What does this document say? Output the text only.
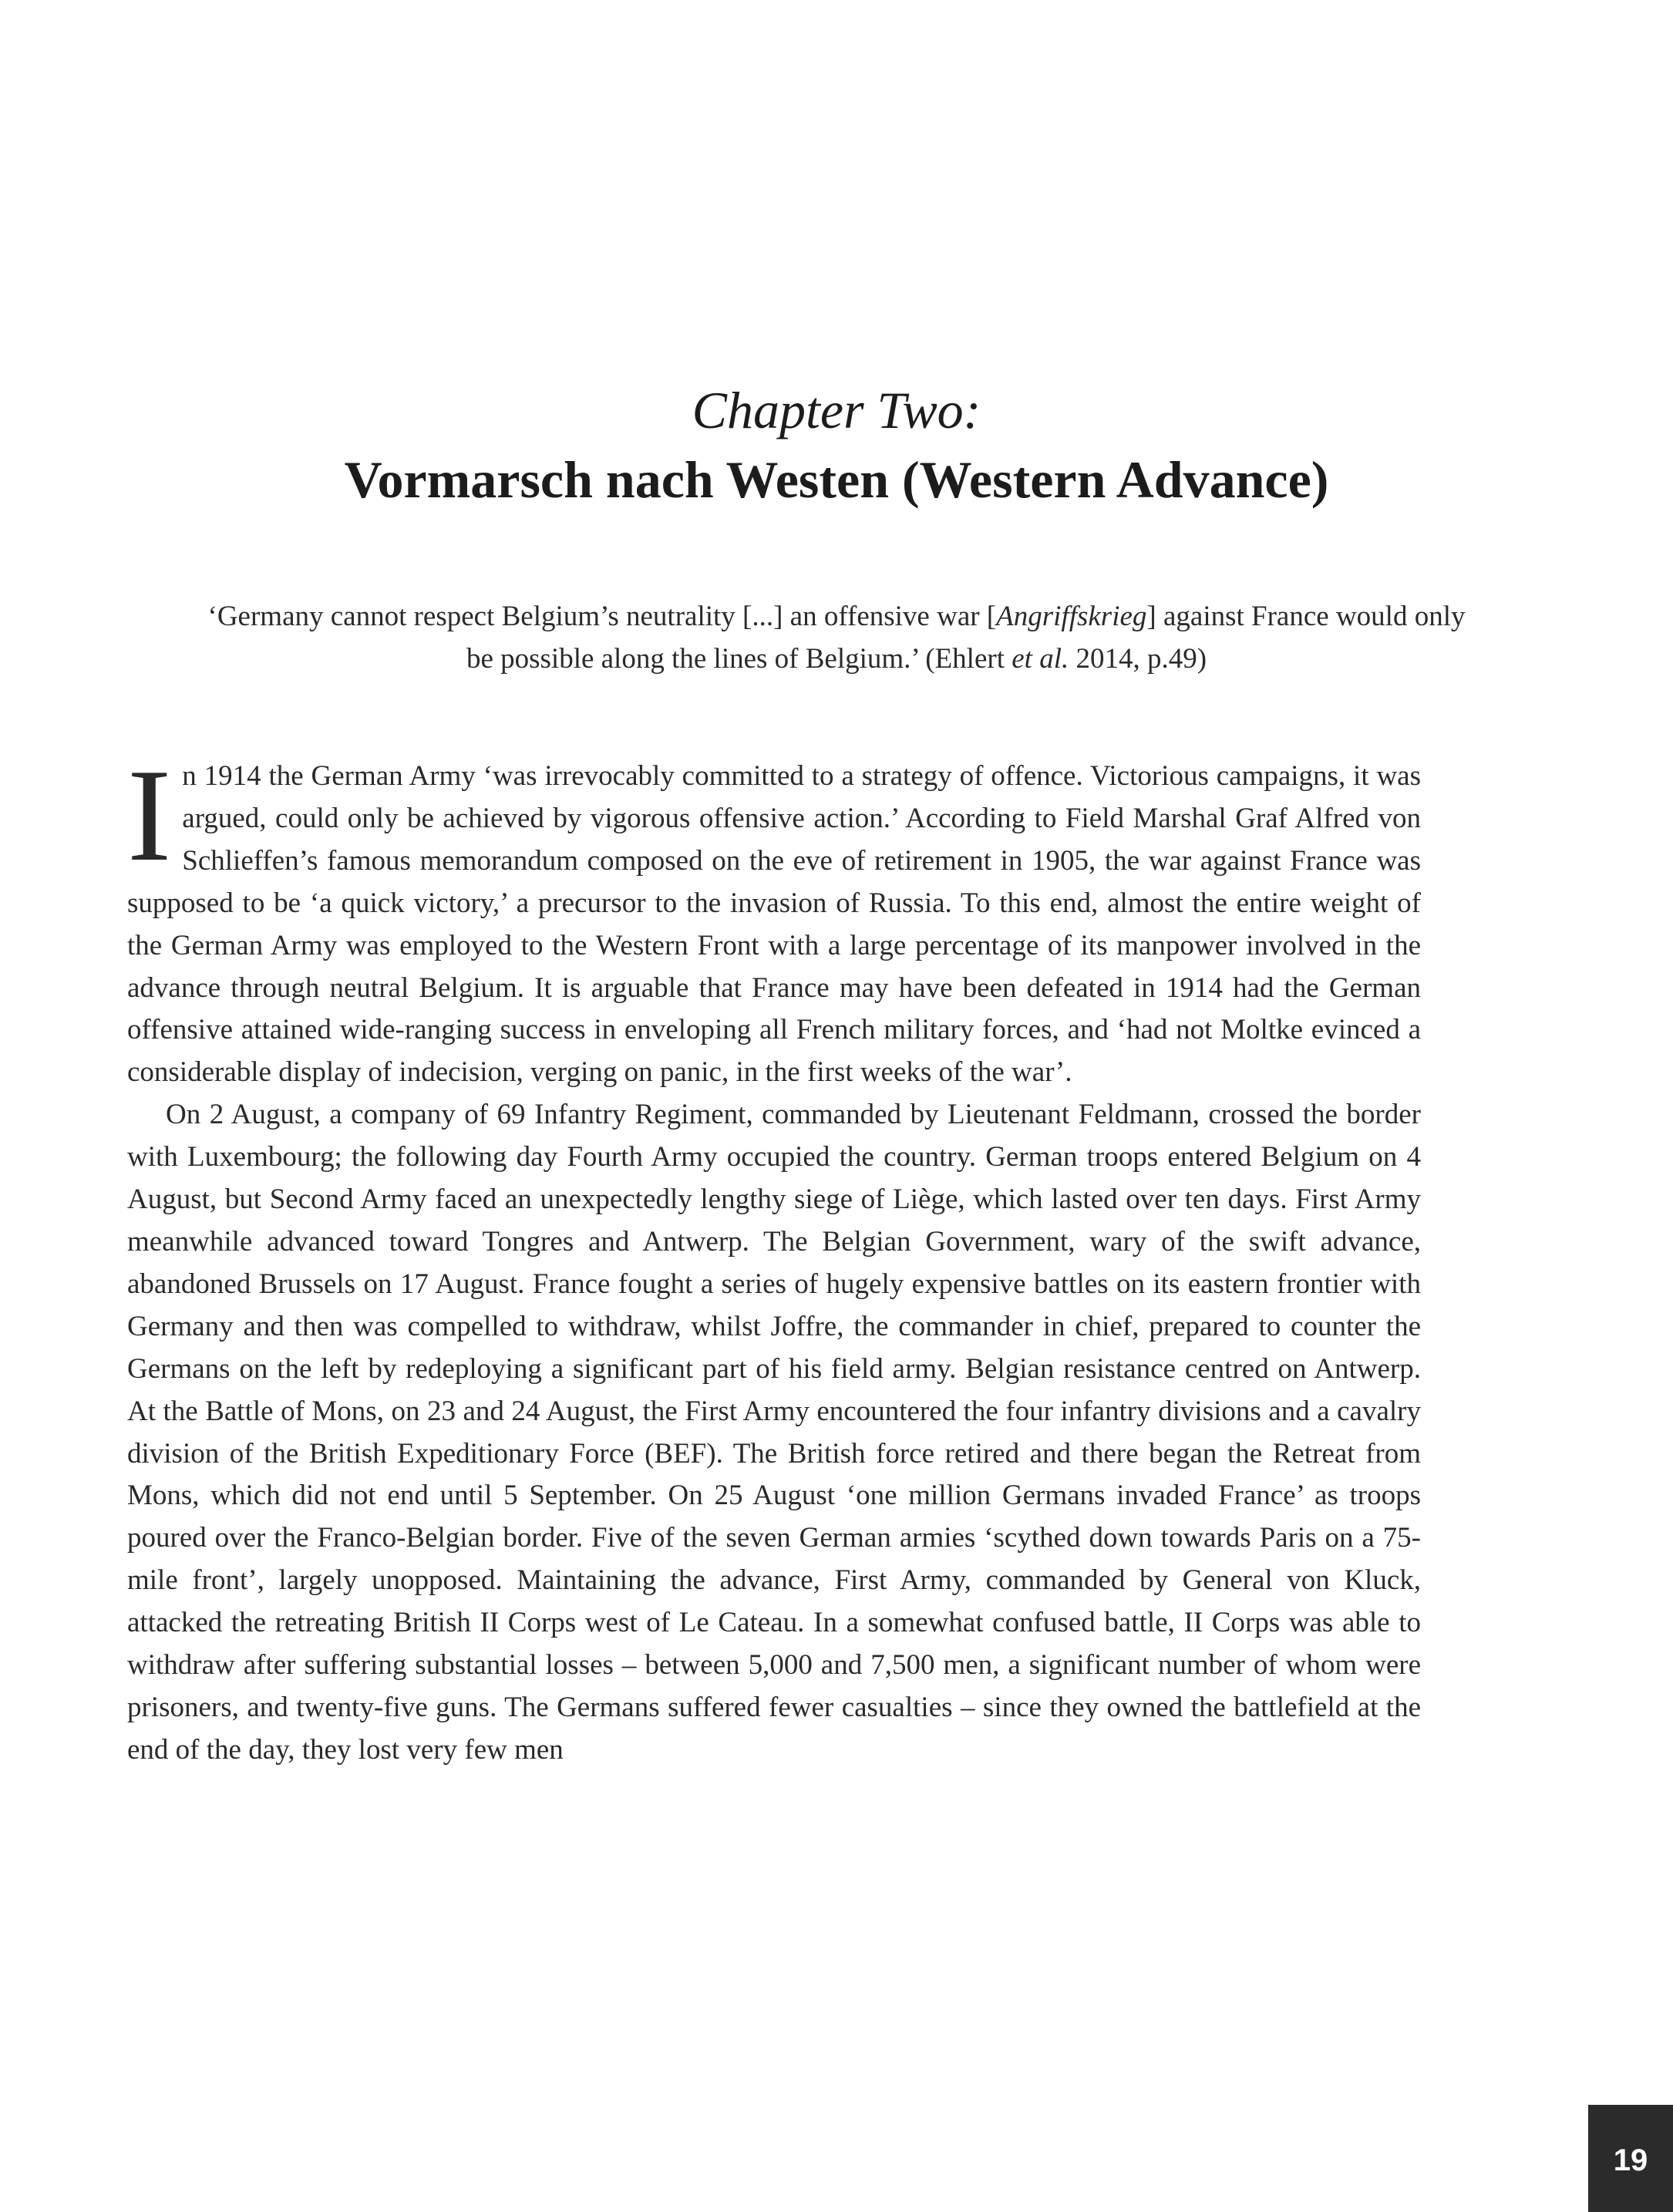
Chapter Two:
Vormarsch nach Westen (Western Advance)
‘Germany cannot respect Belgium’s neutrality [...] an offensive war [Angriffskrieg] against France would only be possible along the lines of Belgium.’ (Ehlert et al. 2014, p.49)

In 1914 the German Army ‘was irrevocably committed to a strategy of offence. Victorious campaigns, it was argued, could only be achieved by vigorous offensive action.’ According to Field Marshal Graf Alfred von Schlieffen’s famous memorandum composed on the eve of retirement in 1905, the war against France was supposed to be ‘a quick victory,’ a precursor to the invasion of Russia. To this end, almost the entire weight of the German Army was employed to the Western Front with a large percentage of its manpower involved in the advance through neutral Belgium. It is arguable that France may have been defeated in 1914 had the German offensive attained wide-ranging success in enveloping all French military forces, and ‘had not Moltke evinced a considerable display of indecision, verging on panic, in the first weeks of the war’.

On 2 August, a company of 69 Infantry Regiment, commanded by Lieutenant Feldmann, crossed the border with Luxembourg; the following day Fourth Army occupied the country. German troops entered Belgium on 4 August, but Second Army faced an unexpectedly lengthy siege of Liège, which lasted over ten days. First Army meanwhile advanced toward Tongres and Antwerp. The Belgian Government, wary of the swift advance, abandoned Brussels on 17 August. France fought a series of hugely expensive battles on its eastern frontier with Germany and then was compelled to withdraw, whilst Joffre, the commander in chief, prepared to counter the Germans on the left by redeploying a significant part of his field army. Belgian resistance centred on Antwerp. At the Battle of Mons, on 23 and 24 August, the First Army encountered the four infantry divisions and a cavalry division of the British Expeditionary Force (BEF). The British force retired and there began the Retreat from Mons, which did not end until 5 September. On 25 August ‘one million Germans invaded France’ as troops poured over the Franco-Belgian border. Five of the seven German armies ‘scythed down towards Paris on a 75-mile front’, largely unopposed. Maintaining the advance, First Army, commanded by General von Kluck, attacked the retreating British II Corps west of Le Cateau. In a somewhat confused battle, II Corps was able to withdraw after suffering substantial losses – between 5,000 and 7,500 men, a significant number of whom were prisoners, and twenty-five guns. The Germans suffered fewer casualties – since they owned the battlefield at the end of the day, they lost very few men

19
